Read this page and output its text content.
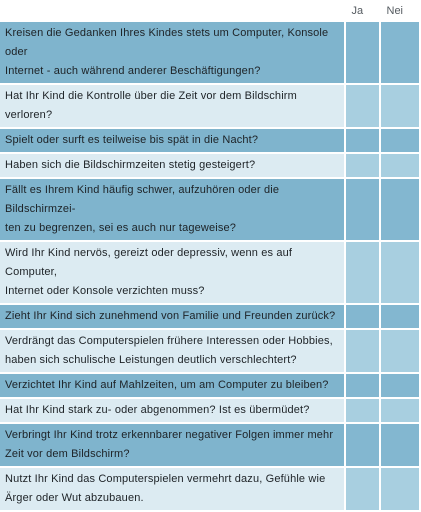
	Ja	Nei
Kreisen die Gedanken Ihres Kindes stets um Computer, Konsole oder
Internet - auch während anderer Beschäftigungen?		
Hat Ihr Kind die Kontrolle über die Zeit vor dem Bildschirm verloren?		
Spielt oder surft es teilweise bis spät in die Nacht?		
Haben sich die Bildschirmzeiten stetig gesteigert?		
Fällt es Ihrem Kind häufig schwer, aufzuhören oder die Bildschirmzei-
ten zu begrenzen, sei es auch nur tageweise?		
Wird Ihr Kind nervös, gereizt oder depressiv, wenn es auf Computer,
Internet oder Konsole verzichten muss?		
Zieht Ihr Kind sich zunehmend von Familie und Freunden zurück?		
Verdrängt das Computerspielen frühere Interessen oder Hobbies,
haben sich schulische Leistungen deutlich verschlechtert?		
Verzichtet Ihr Kind auf Mahlzeiten, um am Computer zu bleiben?		
Hat Ihr Kind stark zu- oder abgenommen? Ist es übermüdet?		
Verbringt Ihr Kind trotz erkennbarer negativer Folgen immer mehr
Zeit vor dem Bildschirm?		
Nutzt Ihr Kind das Computerspielen vermehrt dazu, Gefühle wie
Ärger oder Wut abzubauen.		
